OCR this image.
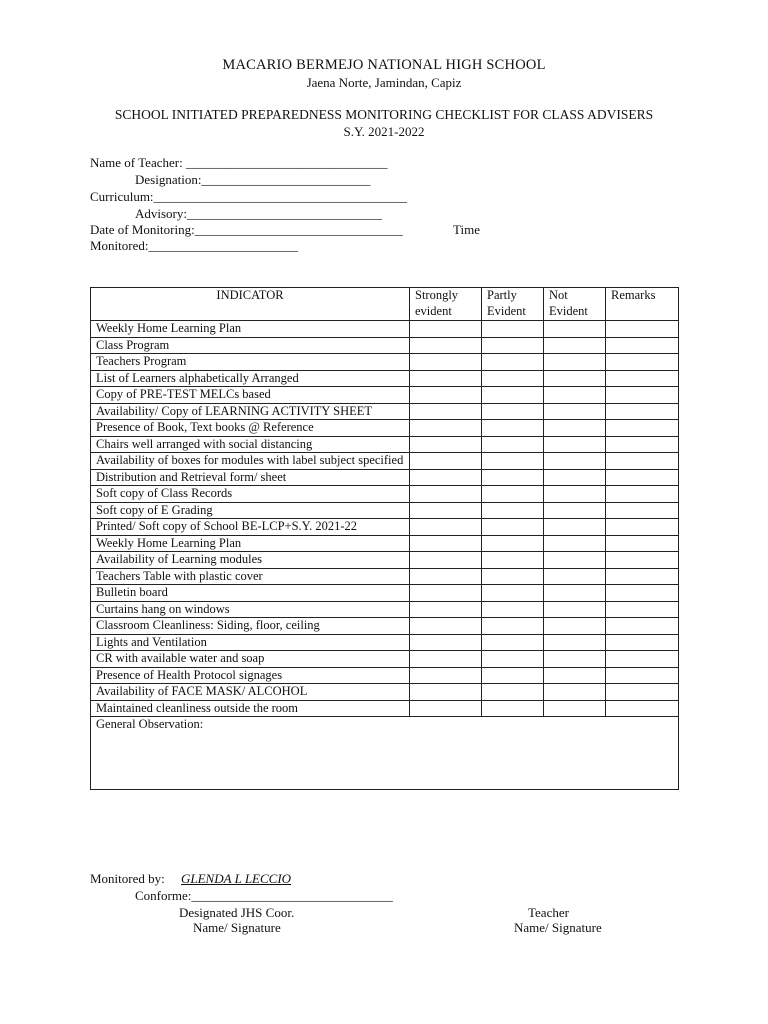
MACARIO BERMEJO NATIONAL HIGH SCHOOL
Jaena Norte, Jamindan, Capiz
SCHOOL INITIATED PREPAREDNESS MONITORING CHECKLIST FOR CLASS ADVISERS
S.Y. 2021-2022
Name of Teacher: _______________________________
Designation:__________________________
Curriculum:_______________________________________
Advisory:______________________________
Date of Monitoring:________________________________	Time
Monitored:_______________________
INDICATOR	Strongly evident	Partly Evident	Not Evident	Remarks
Weekly Home Learning Plan				
Class Program				
Teachers Program				
List of Learners alphabetically Arranged				
Copy of PRE-TEST MELCs based				
Availability/ Copy of LEARNING ACTIVITY SHEET				
Presence of Book, Text books @ Reference				
Chairs well arranged with social distancing				
Availability of boxes for modules with label subject specified				
Distribution and Retrieval form/ sheet				
Soft copy of Class Records				
Soft copy of E Grading				
Printed/ Soft copy of School BE-LCP+S.Y. 2021-22				
Weekly Home Learning Plan				
Availability of Learning modules				
Teachers Table with plastic cover				
Bulletin board				
Curtains hang on windows				
Classroom Cleanliness: Siding, floor, ceiling				
Lights and Ventilation				
CR with available water and soap				
Presence of Health Protocol signages				
Availability of FACE MASK/ ALCOHOL				
Maintained cleanliness outside the room				
General Observation:				
Monitored by: GLENDA L LECCIO
Conforme:_______________________________
Designated JHS Coor.
Name/ Signature
Teacher
Name/ Signature
